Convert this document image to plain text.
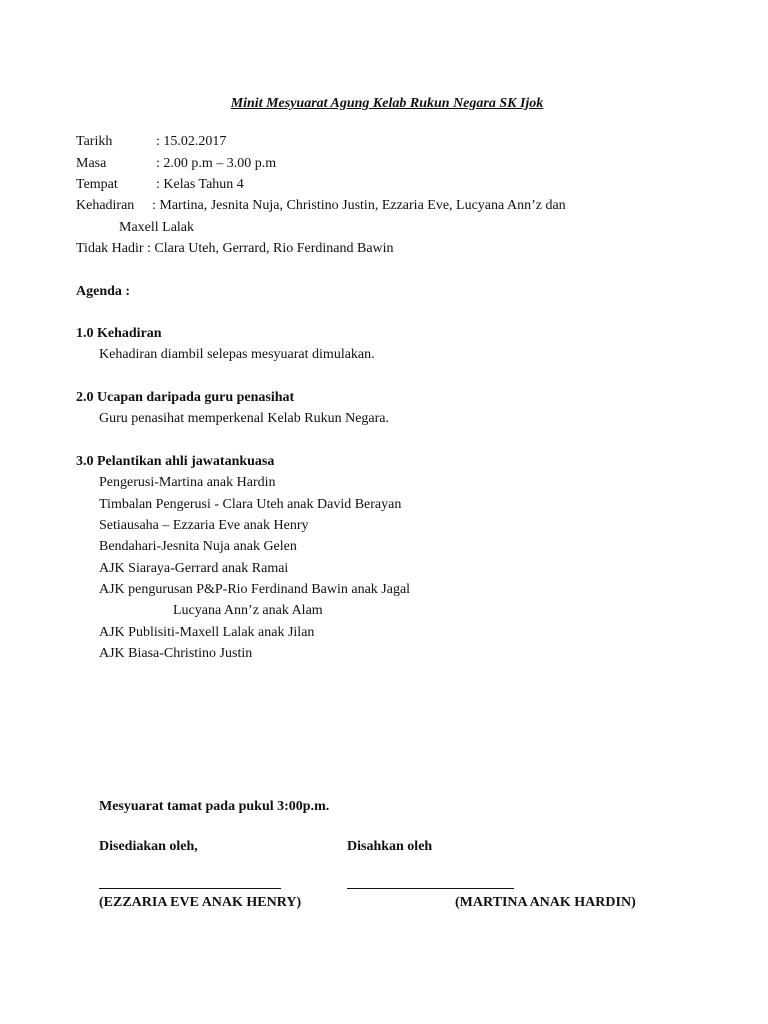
Minit Mesyuarat Agung Kelab Rukun Negara SK Ijok
Tarikh	: 15.02.2017
Masa	: 2.00 p.m – 3.00 p.m
Tempat	: Kelas Tahun 4
Kehadiran : Martina, Jesnita Nuja, Christino Justin, Ezzaria Eve, Lucyana Ann’z dan
Maxell Lalak
Tidak Hadir : Clara Uteh, Gerrard, Rio Ferdinand Bawin
Agenda :
1.0 Kehadiran
Kehadiran diambil selepas mesyuarat dimulakan.
2.0 Ucapan daripada guru penasihat
Guru penasihat memperkenal Kelab Rukun Negara.
3.0 Pelantikan ahli jawatankuasa
Pengerusi-Martina anak Hardin
Timbalan Pengerusi - Clara Uteh anak David Berayan
Setiausaha – Ezzaria Eve anak Henry
Bendahari-Jesnita Nuja anak Gelen
AJK Siaraya-Gerrard anak Ramai
AJK pengurusan P&P-Rio Ferdinand Bawin anak Jagal
Lucyana Ann’z anak Alam
AJK Publisiti-Maxell Lalak anak Jilan
AJK Biasa-Christino Justin
Mesyuarat tamat pada pukul 3:00p.m.
Disediakan oleh,	Disahkan oleh
(EZZARIA EVE ANAK HENRY)	(MARTINA ANAK HARDIN)
